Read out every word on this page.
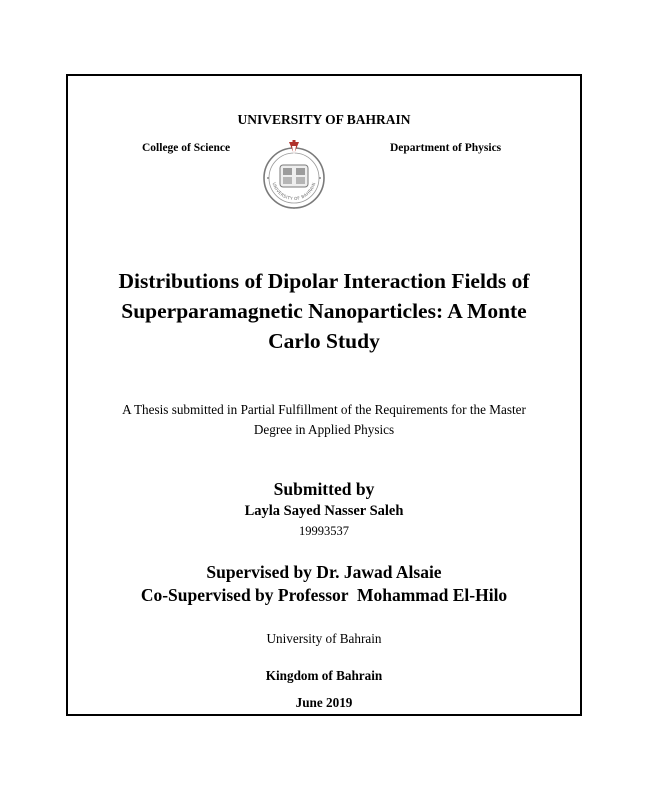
UNIVERSITY OF BAHRAIN
College of Science	Department of Physics
UNIVERSITY OF BAHRAIN
Distributions of Dipolar Interaction Fields of
Superparamagnetic Nanoparticles: A Monte
Carlo Study
A Thesis submitted in Partial Fulfillment of the Requirements for the Master
Degree in Applied Physics
Submitted by
Layla Sayed Nasser Saleh
19993537
Supervised by Dr. Jawad Alsaie
Co-Supervised by Professor  Mohammad El-Hilo
University of Bahrain
Kingdom of Bahrain
June 2019
